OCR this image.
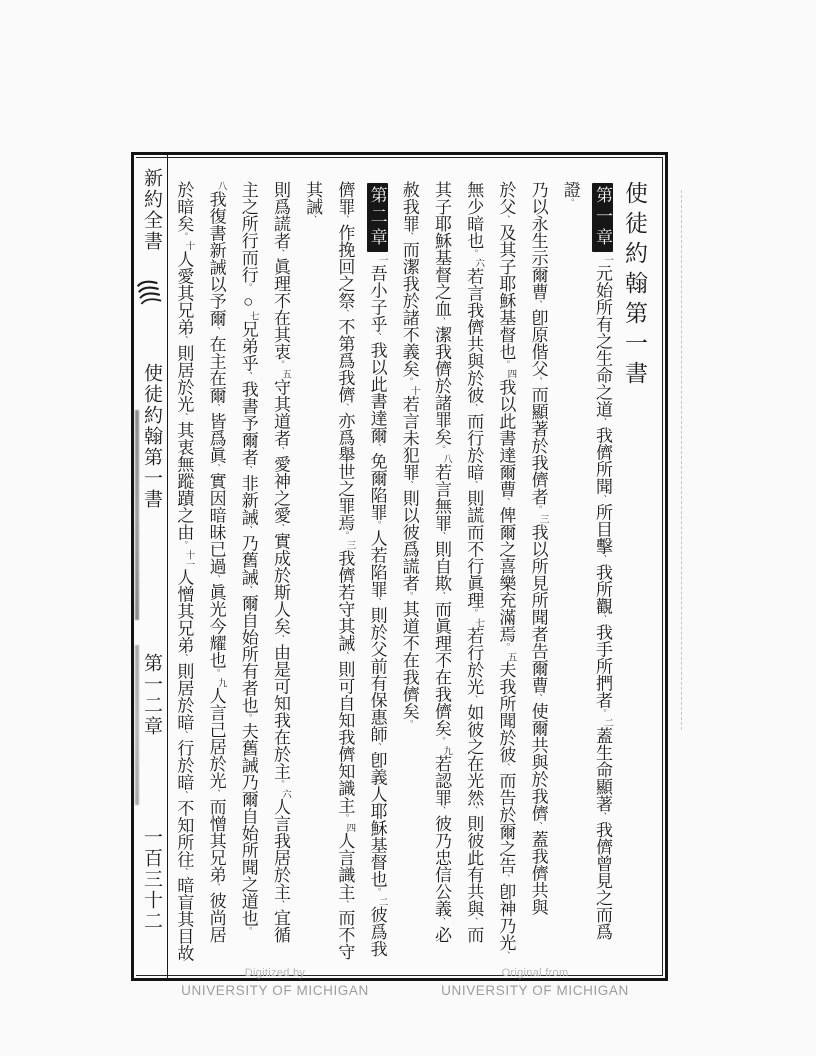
新約全書
使徒約翰第一書
第一二章
一百三十二
使徒約翰第一書
第一章一元始所有之生命之道、我儕所聞、所目擊、我所觀、我手所捫者。二蓋生命顯著、我儕曾見之而爲證。
乃以永生示爾曹、卽原偕父、而顯著於我儕者。三我以所見所聞者告爾曹、使爾共與於我儕、蓋我儕共與
於父、及其子耶穌基督也。四我以此書達爾曹、俾爾之喜樂充滿焉。五夫我所聞於彼、而告於爾之告、卽神乃光、
無少暗也。六若言我儕共與於彼、而行於暗、則謊而不行眞理。七若行於光、如彼之在光然、則彼此有共與、而
其子耶穌基督之血、潔我儕於諸罪矣。八若言無罪、則自欺、而眞理不在我儕矣。九若認罪、彼乃忠信公義、必
赦我罪、而潔我於諸不義矣。十若言未犯罪、則以彼爲謊者。其道不在我儕矣。
第二章一吾小子乎、我以此書達爾、免爾陷罪。人若陷罪、則於父前有保惠師、卽義人耶穌基督也。二彼爲我
儕罪、作挽回之祭、不第爲我儕、亦爲舉世之罪焉。三我儕若守其誡、則可自知我儕知識主。四人言識主、而不守其誡、
則爲謊者、眞理不在其衷。五守其道者、愛神之愛、實成於斯人矣、由是可知我在於主。六人言我居於主、宜循
主之所行而行。○七兄弟乎、我書予爾者、非新誡、乃舊誡、爾自始所有者也。夫舊誡乃爾自始所聞之道也。
八我復書新誡以予爾、在主在爾、皆爲眞、實因暗昧已過、眞光今耀也。九人言己居於光、而憎其兄弟、彼尚居
於暗矣。十人愛其兄弟、則居於光、其衷無蹤蹟之由。十一人憎其兄弟、則居於暗、行於暗、不知所往、暗盲其目故
Digitized by
UNIVERSITY OF MICHIGAN
Original from
UNIVERSITY OF MICHIGAN
